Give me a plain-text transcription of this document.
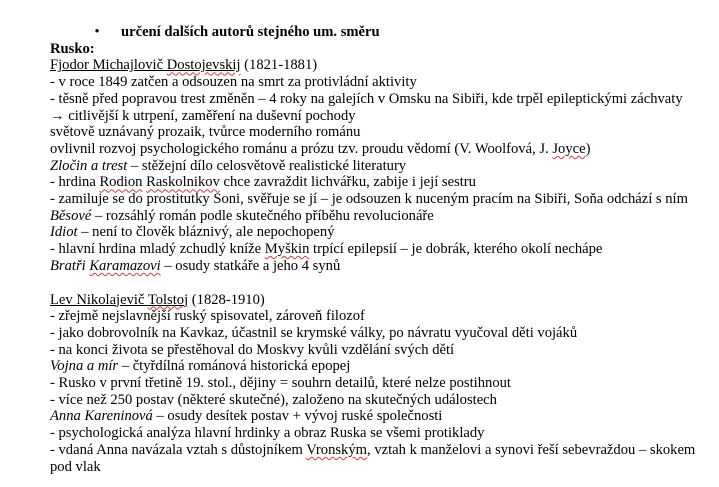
•	určení dalších autorů stejného um. směru
Rusko:
Fjodor Michajlovič Dostojevskij (1821-1881)
- v roce 1849 zatčen a odsouzen na smrt za protivládní aktivity
- těsně před popravou trest změněn – 4 roky na galejích v Omsku na Sibiři, kde trpěl epileptickými záchvaty
→ citlivější k utrpení, zaměření na duševní pochody
světově uznávaný prozaik, tvůrce moderního románu
ovlivnil rozvoj psychologického románu a prózu tzv. proudu vědomí (V. Woolfová, J. Joyce)
Zločin a trest – stěžejní dílo celosvětově realistické literatury
- hrdina Rodion Raskolnikov chce zavraždit lichvářku, zabije i její sestru
- zamiluje se do prostitutky Soni, svěřuje se jí – je odsouzen k nuceným pracím na Sibiři, Soňa odchází s ním
Běsové – rozsáhlý román podle skutečného příběhu revolucionáře
Idiot – není to člověk bláznivý, ale nepochopený
- hlavní hrdina mladý zchudlý kníže Myškin trpící epilepsií – je dobrák, kterého okolí nechápe
Bratři Karamazovi – osudy statkáře a jeho 4 synů
Lev Nikolajevič Tolstoj (1828-1910)
- zřejmě nejslavnější ruský spisovatel, zároveň filozof
- jako dobrovolník na Kavkaz, účastnil se krymské války, po návratu vyučoval děti vojáků
- na konci života se přestěhoval do Moskvy kvůli vzdělání svých dětí
Vojna a mír – čtyřdílná románová historická epopej
- Rusko v první třetině 19. stol., dějiny = souhrn detailů, které nelze postihnout
- více než 250 postav (některé skutečné), založeno na skutečných událostech
Anna Kareninová – osudy desítek postav + vývoj ruské společnosti
- psychologická analýza hlavní hrdinky a obraz Ruska se všemi protiklady
- vdaná Anna navázala vztah s důstojníkem Vronským, vztah k manželovi a synovi řeší sebevraždou – skokem
pod vlak
